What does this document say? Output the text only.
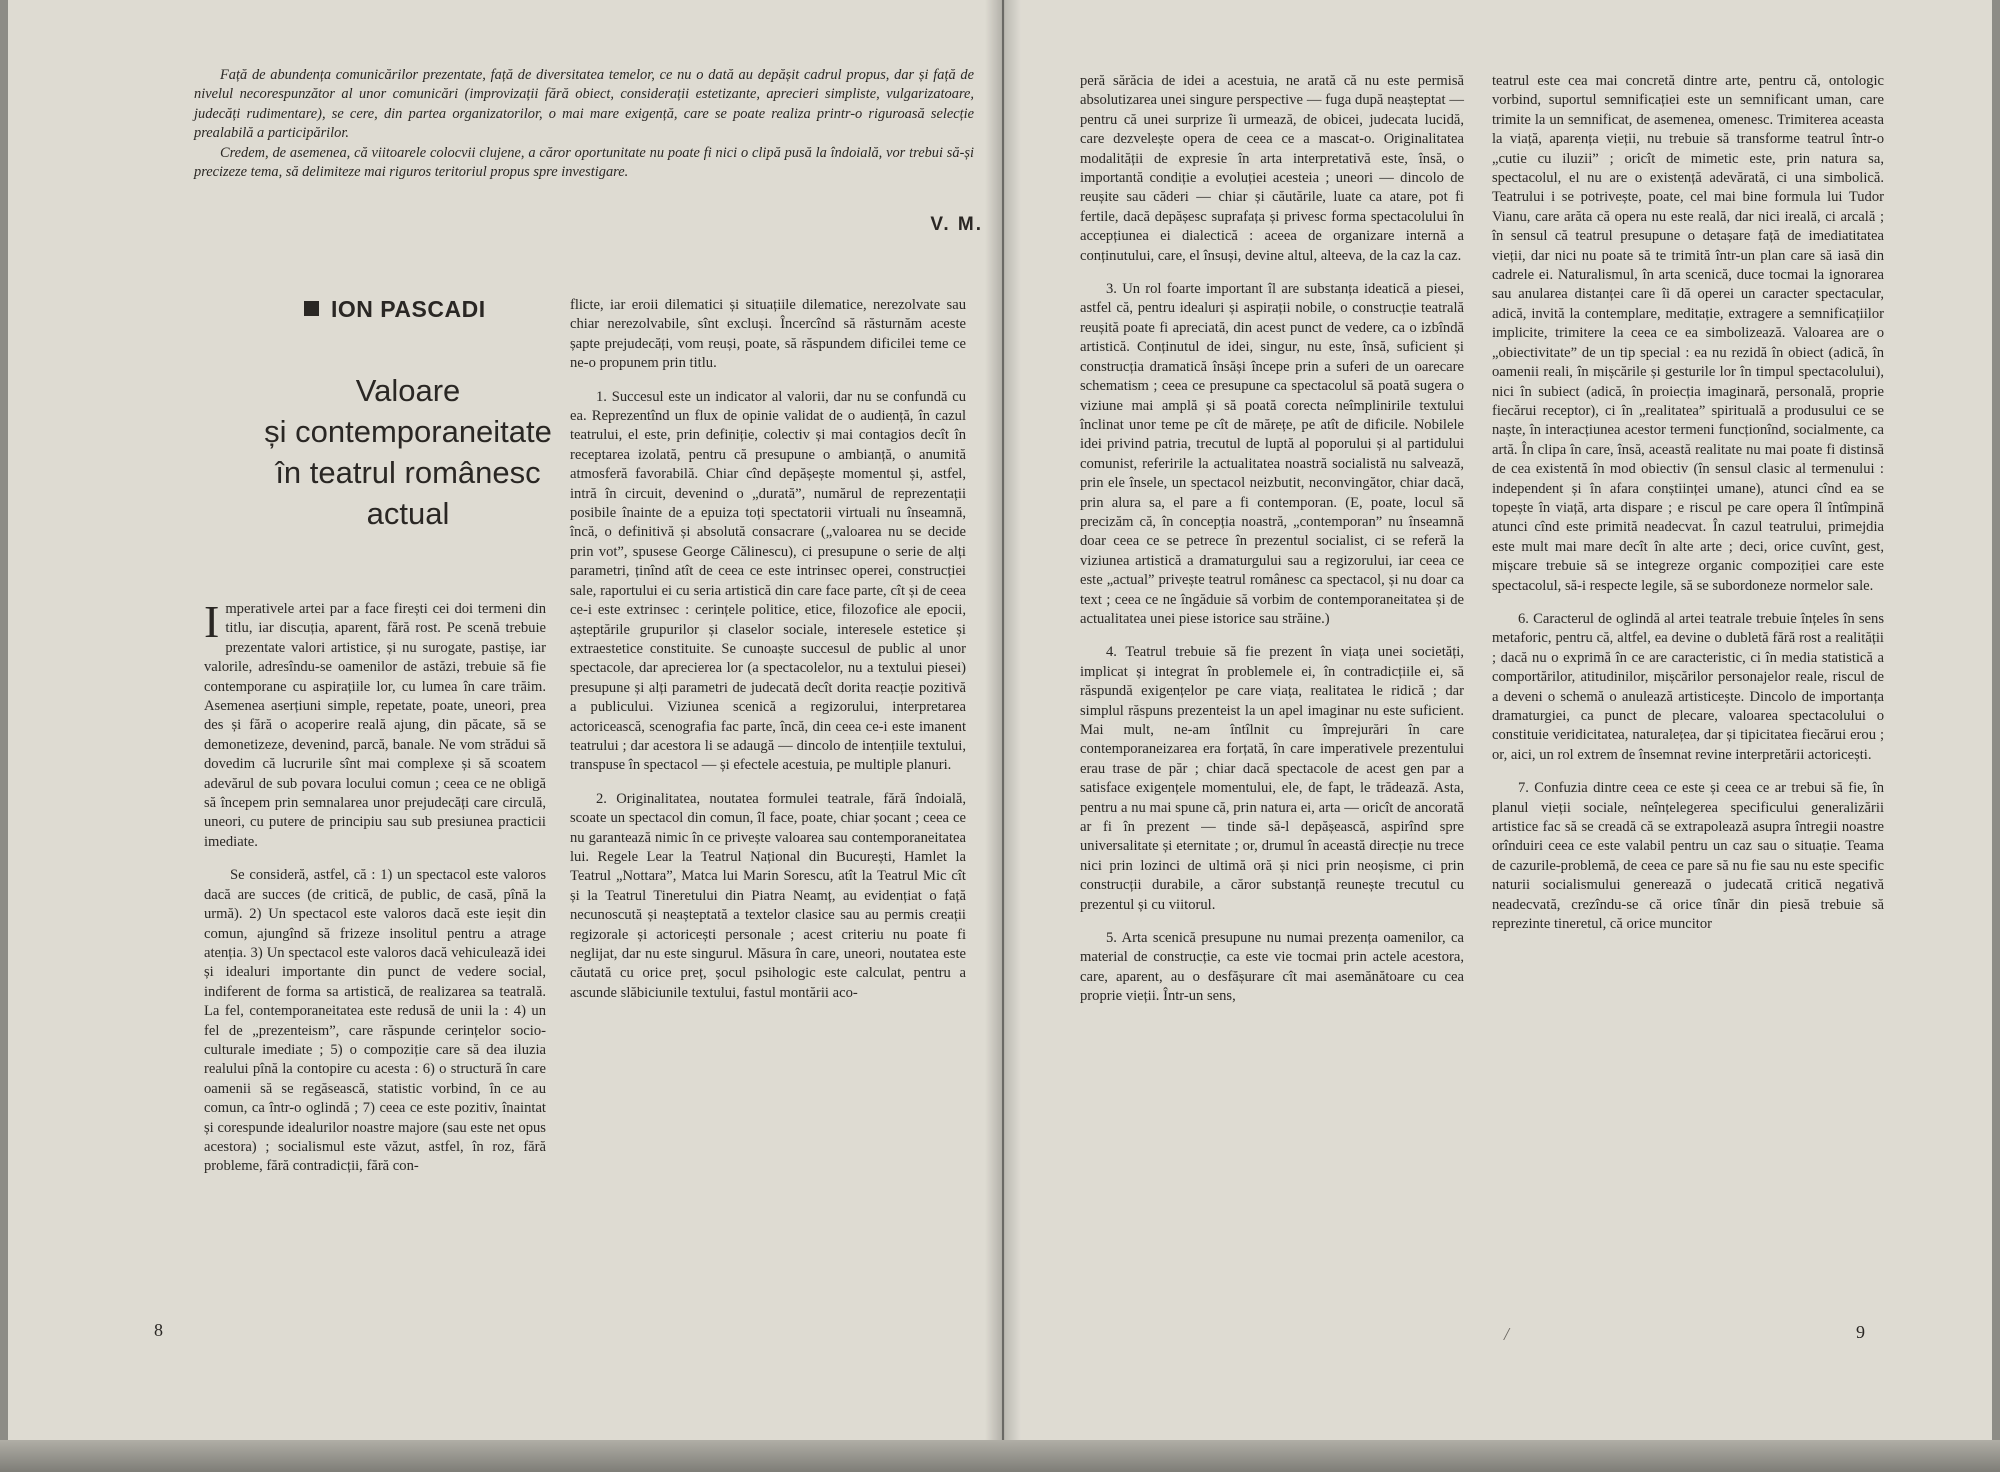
Față de abundența comunicărilor prezentate, față de diversitatea temelor, ce nu o dată au depășit cadrul propus, dar și față de nivelul necorespunzător al unor comunicări (improvizații fără obiect, considerații estetizante, aprecieri simpliste, vulgarizatoare, judecăți rudimentare), se cere, din partea organizatorilor, o mai mare exigență, care se poate realiza printr-o riguroasă selecție prealabilă a participărilor.

Credem, de asemenea, că viitoarele colocvii clujene, a căror oportunitate nu poate fi nici o clipă pusă la îndoială, vor trebui să-și precizeze tema, să delimiteze mai riguros teritoriul propus spre investigare.

V. M.
ION PASCADI
Valoare
și contemporaneitate
în teatrul românesc
actual

Imperativele artei par a face firești cei doi termeni din titlu, iar discuția, aparent, fără rost. Pe scenă trebuie prezentate valori artistice, și nu surogate, pastișe, iar valorile, adresîndu-se oamenilor de astăzi, trebuie să fie contemporane cu aspirațiile lor, cu lumea în care trăim. Asemenea aserțiuni simple, repetate, poate, uneori, prea des și fără o acoperire reală ajung, din păcate, să se demonetizeze, devenind, parcă, banale. Ne vom strădui să dovedim că lucrurile sînt mai complexe și să scoatem adevărul de sub povara locului comun ; ceea ce ne obligă să începem prin semnalarea unor prejudecăți care circulă, uneori, cu putere de principiu sau sub presiunea practicii imediate.

Se consideră, astfel, că : 1) un spectacol este valoros dacă are succes (de critică, de public, de casă, pînă la urmă). 2) Un spectacol este valoros dacă este ieșit din comun, ajungînd să frizeze insolitul pentru a atrage atenția. 3) Un spectacol este valoros dacă vehiculează idei și idealuri importante din punct de vedere social, indiferent de forma sa artistică, de realizarea sa teatrală. La fel, contemporaneitatea este redusă de unii la : 4) un fel de „prezenteism”, care răspunde cerințelor socio-culturale imediate ; 5) o compoziție care să dea iluzia realului pînă la contopire cu acesta : 6) o structură în care oamenii să se regăsească, statistic vorbind, în ce au comun, ca într-o oglindă ; 7) ceea ce este pozitiv, înaintat și corespunde idealurilor noastre majore (sau este net opus acestora) ; socialismul este văzut, astfel, în roz, fără probleme, fără contradicții, fără con-

flicte, iar eroii dilematici și situațiile dilematice, nerezolvate sau chiar nerezolvabile, sînt excluși. Încercînd să răsturnăm aceste șapte prejudecăți, vom reuși, poate, să răspundem dificilei teme ce ne-o propunem prin titlu.

1. Succesul este un indicator al valorii, dar nu se confundă cu ea. Reprezentînd un flux de opinie validat de o audiență, în cazul teatrului, el este, prin definiție, colectiv și mai contagios decît în receptarea izolată, pentru că presupune o ambianță, o anumită atmosferă favorabilă. Chiar cînd depășește momentul și, astfel, intră în circuit, devenind o „durată”, numărul de reprezentații posibile înainte de a epuiza toți spectatorii virtuali nu înseamnă, încă, o definitivă și absolută consacrare („valoarea nu se decide prin vot”, spusese George Călinescu), ci presupune o serie de alți parametri, ținînd atît de ceea ce este intrinsec operei, construcției sale, raportului ei cu seria artistică din care face parte, cît și de ceea ce-i este extrinsec : cerințele politice, etice, filozofice ale epocii, așteptările grupurilor și claselor sociale, interesele estetice și extraestetice constituite. Se cunoaște succesul de public al unor spectacole, dar aprecierea lor (a spectacolelor, nu a textului piesei) presupune și alți parametri de judecată decît dorita reacție pozitivă a publicului. Viziunea scenică a regizorului, interpretarea actoricească, scenografia fac parte, încă, din ceea ce-i este imanent teatrului ; dar acestora li se adaugă — dincolo de intențiile textului, transpuse în spectacol — și efectele acestuia, pe multiple planuri.

2. Originalitatea, noutatea formulei teatrale, fără îndoială, scoate un spectacol din comun, îl face, poate, chiar șocant ; ceea ce nu garantează nimic în ce privește valoarea sau contemporaneitatea lui. Regele Lear la Teatrul Național din București, Hamlet la Teatrul „Nottara”, Matca lui Marin Sorescu, atît la Teatrul Mic cît și la Teatrul Tineretului din Piatra Neamț, au evidențiat o față necunoscută și neașteptată a textelor clasice sau au permis creații regizorale și actoricești personale ; acest criteriu nu poate fi neglijat, dar nu este singurul. Măsura în care, uneori, noutatea este căutată cu orice preț, șocul psihologic este calculat, pentru a ascunde slăbiciunile textului, fastul montării aco-

8

peră sărăcia de idei a acestuia, ne arată că nu este permisă absolutizarea unei singure perspective — fuga după neașteptat — pentru că unei surprize îi urmează, de obicei, judecata lucidă, care dezvelește opera de ceea ce a mascat-o. Originalitatea modalității de expresie în arta interpretativă este, însă, o importantă condiție a evoluției acesteia ; uneori — dincolo de reușite sau căderi — chiar și căutările, luate ca atare, pot fi fertile, dacă depășesc suprafața și privesc forma spectacolului în accepțiunea ei dialectică : aceea de organizare internă a conținutului, care, el însuși, devine altul, alteeva, de la caz la caz.

3. Un rol foarte important îl are substanța ideatică a piesei, astfel că, pentru idealuri și aspirații nobile, o construcție teatrală reușită poate fi apreciată, din acest punct de vedere, ca o izbîndă artistică. Conținutul de idei, singur, nu este, însă, suficient și construcția dramatică însăși începe prin a suferi de un oarecare schematism ; ceea ce presupune ca spectacolul să poată sugera o viziune mai amplă și să poată corecta neîmplinirile textului înclinat unor teme pe cît de mărețe, pe atît de dificile. Nobilele idei privind patria, trecutul de luptă al poporului și al partidului comunist, referirile la actualitatea noastră socialistă nu salvează, prin ele însele, un spectacol neizbutit, neconvingător, chiar dacă, prin alura sa, el pare a fi contemporan. (E, poate, locul să precizăm că, în concepția noastră, „contemporan” nu înseamnă doar ceea ce se petrece în prezentul socialist, ci se referă la viziunea artistică a dramaturgului sau a regizorului, iar ceea ce este „actual” privește teatrul românesc ca spectacol, și nu doar ca text ; ceea ce ne îngăduie să vorbim de contemporaneitatea și de actualitatea unei piese istorice sau străine.)

4. Teatrul trebuie să fie prezent în viața unei societăți, implicat și integrat în problemele ei, în contradicțiile ei, să răspundă exigențelor pe care viața, realitatea le ridică ; dar simplul răspuns prezenteist la un apel imaginar nu este suficient. Mai mult, ne-am întîlnit cu împrejurări în care contemporaneizarea era forțată, în care imperativele prezentului erau trase de păr ; chiar dacă spectacole de acest gen par a satisface exigențele momentului, ele, de fapt, le trădează. Asta, pentru a nu mai spune că, prin natura ei, arta — oricît de ancorată ar fi în prezent — tinde să-l depășească, aspirînd spre universalitate și eternitate ; or, drumul în această direcție nu trece nici prin lozinci de ultimă oră și nici prin neoșisme, ci prin construcții durabile, a căror substanță reunește trecutul cu prezentul și cu viitorul.

5. Arta scenică presupune nu numai prezența oamenilor, ca material de construcție, ca este vie tocmai prin actele acestora, care, aparent, au o desfășurare cît mai asemănătoare cu cea proprie vieții. Într-un sens,

teatrul este cea mai concretă dintre arte, pentru că, ontologic vorbind, suportul semnificației este un semnificant uman, care trimite la un semnificat, de asemenea, omenesc. Trimiterea aceasta la viață, aparența vieții, nu trebuie să transforme teatrul într-o „cutie cu iluzii” ; oricît de mimetic este, prin natura sa, spectacolul, el nu are o existență adevărată, ci una simbolică. Teatrului i se potrivește, poate, cel mai bine formula lui Tudor Vianu, care arăta că opera nu este reală, dar nici ireală, ci arcală ; în sensul că teatrul presupune o detașare față de imediatitatea vieții, dar nici nu poate să te trimită într-un plan care să iasă din cadrele ei. Naturalismul, în arta scenică, duce tocmai la ignorarea sau anularea distanței care îi dă operei un caracter spectacular, adică, invită la contemplare, meditație, extragere a semnificațiilor implicite, trimitere la ceea ce ea simbolizează. Valoarea are o „obiectivitate” de un tip special : ea nu rezidă în obiect (adică, în oamenii reali, în mișcările și gesturile lor în timpul spectacolului), nici în subiect (adică, în proiecția imaginară, personală, proprie fiecărui receptor), ci în „realitatea” spirituală a produsului ce se naște, în interacțiunea acestor termeni funcționînd, socialmente, ca artă. În clipa în care, însă, această realitate nu mai poate fi distinsă de cea existentă în mod obiectiv (în sensul clasic al termenului : independent și în afara conștiinței umane), atunci cînd ea se topește în viață, arta dispare ; e riscul pe care opera îl întîmpină atunci cînd este primită neadecvat. În cazul teatrului, primejdia este mult mai mare decît în alte arte ; deci, orice cuvînt, gest, mișcare trebuie să se integreze organic compoziției care este spectacolul, să-i respecte legile, să se subordoneze normelor sale.

6. Caracterul de oglindă al artei teatrale trebuie înțeles în sens metaforic, pentru că, altfel, ea devine o dubletă fără rost a realității ; dacă nu o exprimă în ce are caracteristic, ci în media statistică a comportărilor, atitudinilor, mișcărilor personajelor reale, riscul de a deveni o schemă o anulează artisticește. Dincolo de importanța dramaturgiei, ca punct de plecare, valoarea spectacolului o constituie veridicitatea, naturalețea, dar și tipicitatea fiecărui erou ; or, aici, un rol extrem de însemnat revine interpretării actoricești.

7. Confuzia dintre ceea ce este și ceea ce ar trebui să fie, în planul vieții sociale, neînțelegerea specificului generalizării artistice fac să se creadă că se extrapolează asupra întregii noastre orînduiri ceea ce este valabil pentru un caz sau o situație. Teama de cazurile-problemă, de ceea ce pare să nu fie sau nu este specific naturii socialismului generează o judecată critică negativă neadecvată, crezîndu-se că orice tînăr din piesă trebuie să reprezinte tineretul, că orice muncitor

/	9
